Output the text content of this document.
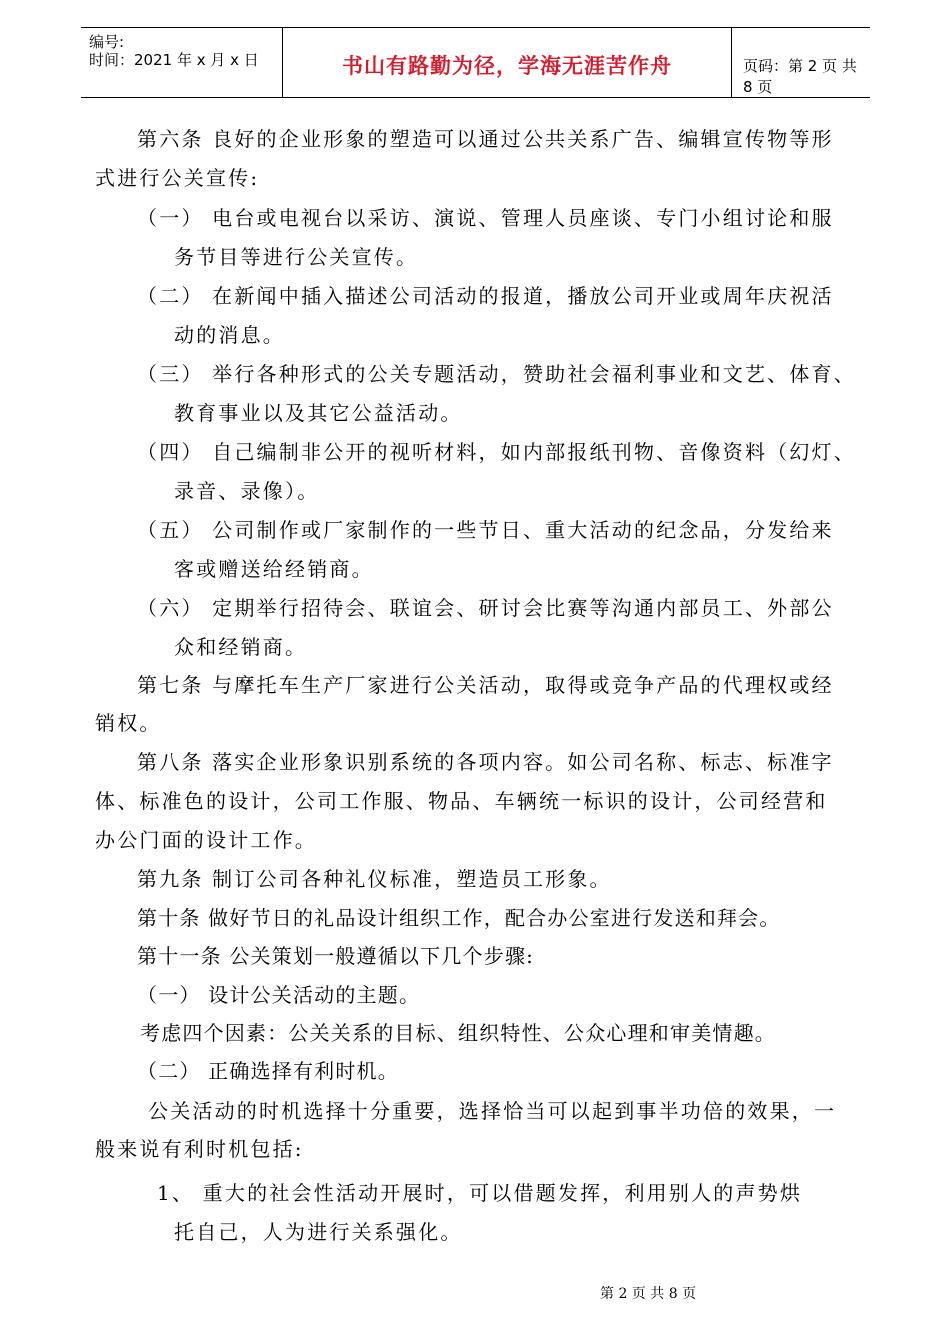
编号:
时间：2021 年 x 月 x 日	书山有路勤为径，学海无涯苦作舟	页码：第 2 页 共 8 页
第六条 良好的企业形象的塑造可以通过公共关系广告、编辑宣传物等形
式进行公关宣传:
（一） 电台或电视台以采访、演说、管理人员座谈、专门小组讨论和服
务节目等进行公关宣传。
（二） 在新闻中插入描述公司活动的报道，播放公司开业或周年庆祝活
动的消息。
（三） 举行各种形式的公关专题活动，赞助社会福利事业和文艺、体育、
教育事业以及其它公益活动。
（四） 自己编制非公开的视听材料，如内部报纸刊物、音像资料（幻灯、
录音、录像）。
（五） 公司制作或厂家制作的一些节日、重大活动的纪念品，分发给来
客或赠送给经销商。
（六） 定期举行招待会、联谊会、研讨会比赛等沟通内部员工、外部公
众和经销商。
第七条 与摩托车生产厂家进行公关活动，取得或竞争产品的代理权或经
销权。
第八条 落实企业形象识别系统的各项内容。如公司名称、标志、标准字
体、标准色的设计，公司工作服、物品、车辆统一标识的设计，公司经营和
办公门面的设计工作。
第九条 制订公司各种礼仪标准，塑造员工形象。
第十条 做好节日的礼品设计组织工作，配合办公室进行发送和拜会。
第十一条 公关策划一般遵循以下几个步骤:
（一） 设计公关活动的主题。
考虑四个因素：公关关系的目标、组织特性、公众心理和审美情趣。
（二） 正确选择有利时机。
公关活动的时机选择十分重要，选择恰当可以起到事半功倍的效果，一
般来说有利时机包括:
1、 重大的社会性活动开展时，可以借题发挥，利用别人的声势烘
托自己，人为进行关系强化。
第 2 页 共 8 页
